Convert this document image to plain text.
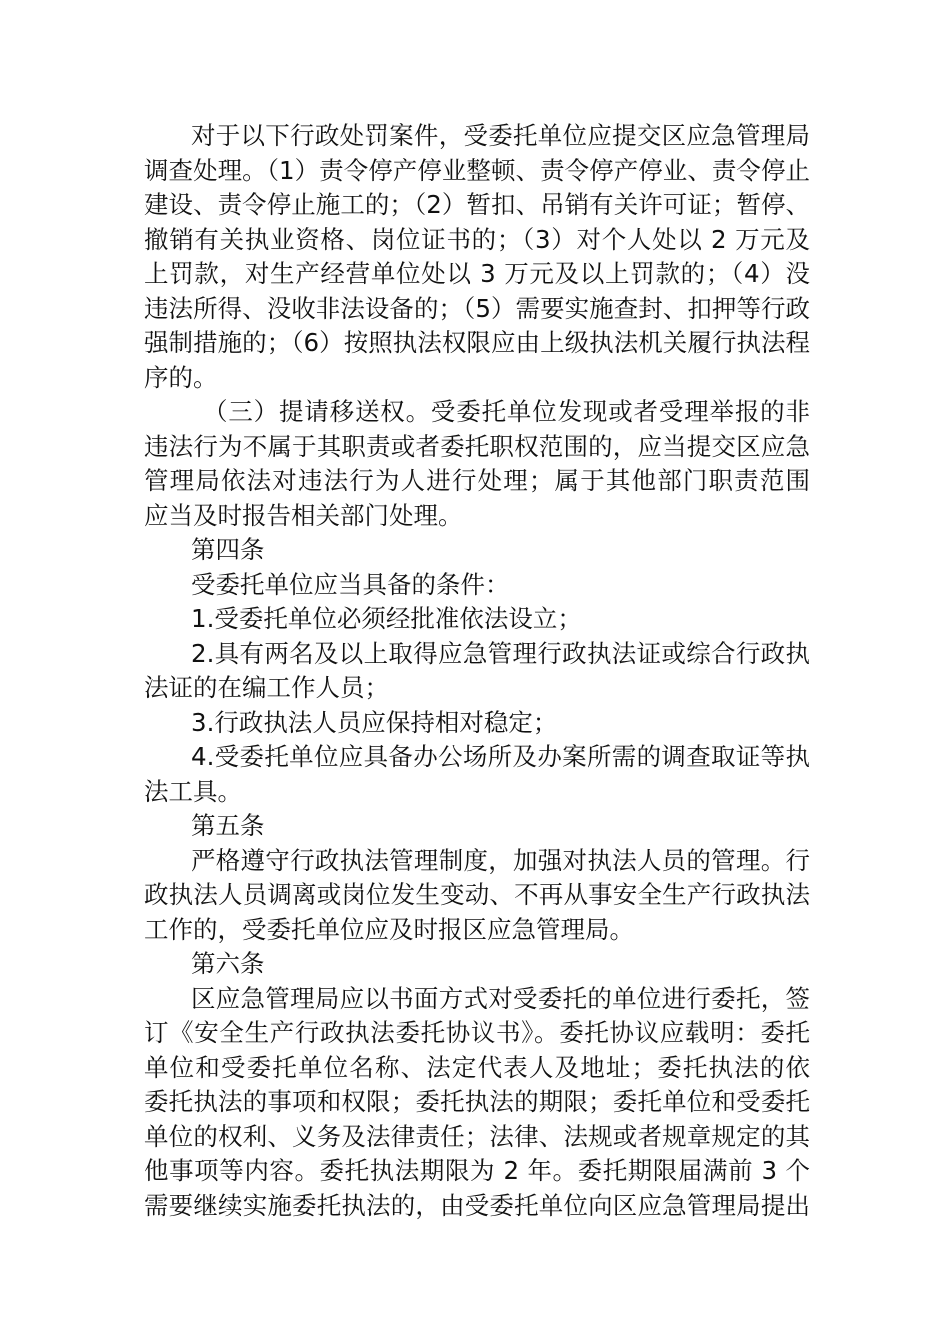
对于以下行政处罚案件，受委托单位应提交区应急管理局
调查处理。（1）责令停产停业整顿、责令停产停业、责令停止
建设、责令停止施工的；（2）暂扣、吊销有关许可证；暂停、
撤销有关执业资格、岗位证书的；（3）对个人处以 2 万元及
上罚款，对生产经营单位处以 3 万元及以上罚款的；（4）没
违法所得、没收非法设备的；（5）需要实施查封、扣押等行政
强制措施的；（6）按照执法权限应由上级执法机关履行执法程
序的。
（三）提请移送权。受委托单位发现或者受理举报的非
违法行为不属于其职责或者委托职权范围的，应当提交区应急
管理局依法对违法行为人进行处理；属于其他部门职责范围
应当及时报告相关部门处理。
第四条
受委托单位应当具备的条件：
1.受委托单位必须经批准依法设立；
2.具有两名及以上取得应急管理行政执法证或综合行政执
法证的在编工作人员；
3.行政执法人员应保持相对稳定；
4.受委托单位应具备办公场所及办案所需的调查取证等执
法工具。
第五条
严格遵守行政执法管理制度，加强对执法人员的管理。行
政执法人员调离或岗位发生变动、不再从事安全生产行政执法
工作的，受委托单位应及时报区应急管理局。
第六条
区应急管理局应以书面方式对受委托的单位进行委托，签
订《安全生产行政执法委托协议书》。委托协议应载明：委托
单位和受委托单位名称、法定代表人及地址；委托执法的依
委托执法的事项和权限；委托执法的期限；委托单位和受委托
单位的权利、义务及法律责任；法律、法规或者规章规定的其
他事项等内容。委托执法期限为 2 年。委托期限届满前 3 个
需要继续实施委托执法的，由受委托单位向区应急管理局提出
